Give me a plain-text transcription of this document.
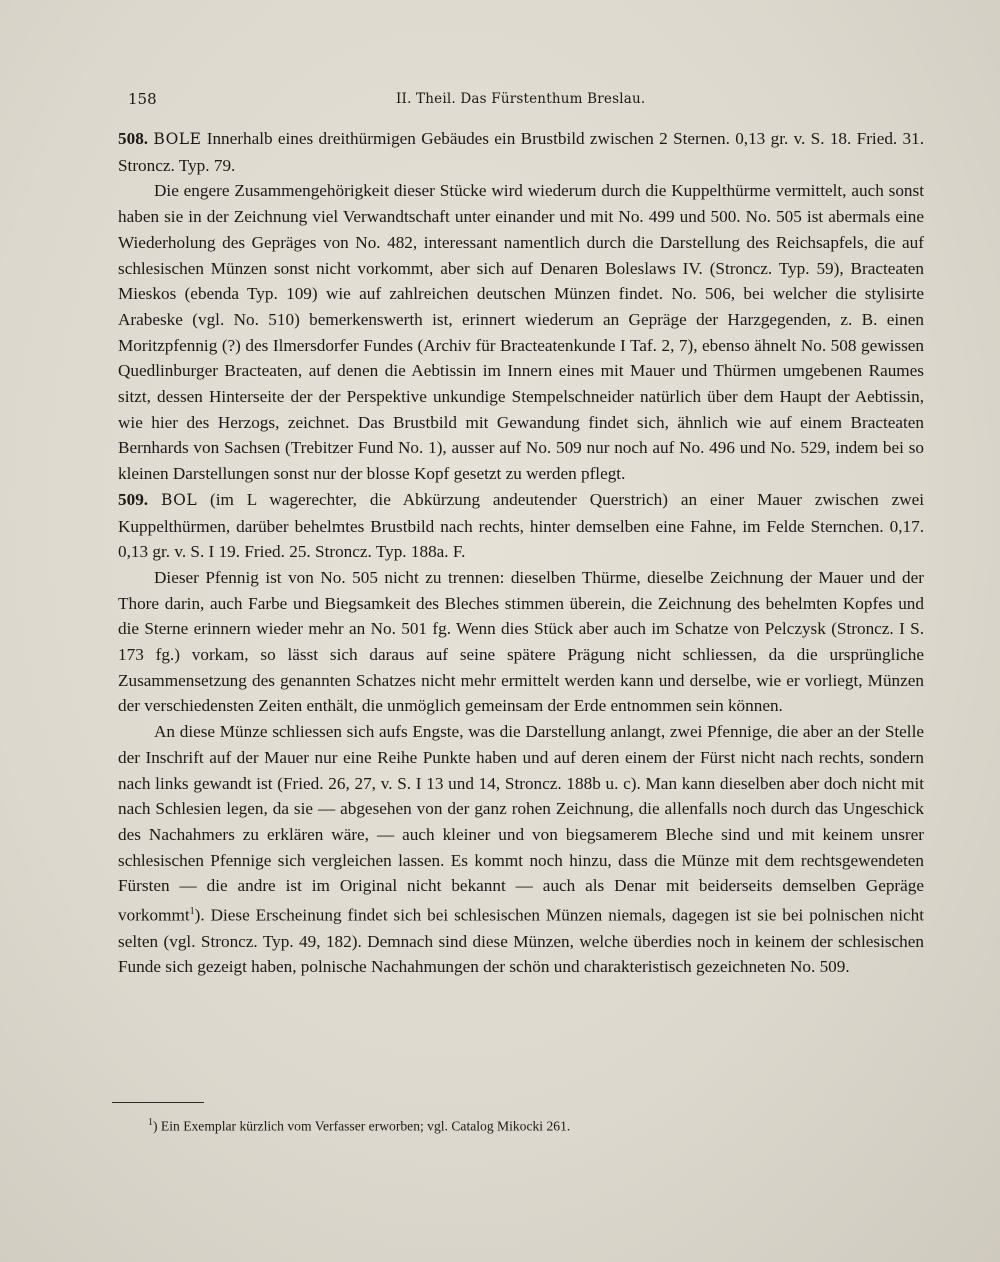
158	II. Theil. Das Fürstenthum Breslau.

508. BOLE Innerhalb eines dreithürmigen Gebäudes ein Brustbild zwischen 2 Sternen. 0,13 gr. v. S. 18. Fried. 31. Stroncz. Typ. 79.

Die engere Zusammengehörigkeit dieser Stücke wird wiederum durch die Kuppelthürme vermittelt, auch sonst haben sie in der Zeichnung viel Verwandtschaft unter einander und mit No. 499 und 500. No. 505 ist abermals eine Wiederholung des Gepräges von No. 482, interessant namentlich durch die Darstellung des Reichsapfels, die auf schlesischen Münzen sonst nicht vorkommt, aber sich auf Denaren Boleslaws IV. (Stroncz. Typ. 59), Bracteaten Mieskos (ebenda Typ. 109) wie auf zahlreichen deutschen Münzen findet. No. 506, bei welcher die stylisirte Arabeske (vgl. No. 510) bemerkenswerth ist, erinnert wiederum an Gepräge der Harzgegenden, z. B. einen Moritzpfennig (?) des Ilmersdorfer Fundes (Archiv für Bracteatenkunde I Taf. 2, 7), ebenso ähnelt No. 508 gewissen Quedlinburger Bracteaten, auf denen die Aebtissin im Innern eines mit Mauer und Thürmen umgebenen Raumes sitzt, dessen Hinterseite der der Perspektive unkundige Stempelschneider natürlich über dem Haupt der Aebtissin, wie hier des Herzogs, zeichnet. Das Brustbild mit Gewandung findet sich, ähnlich wie auf einem Bracteaten Bernhards von Sachsen (Trebitzer Fund No. 1), ausser auf No. 509 nur noch auf No. 496 und No. 529, indem bei so kleinen Darstellungen sonst nur der blosse Kopf gesetzt zu werden pflegt.

509. BOL (im L wagerechter, die Abkürzung andeutender Querstrich) an einer Mauer zwischen zwei Kuppelthürmen, darüber behelmtes Brustbild nach rechts, hinter demselben eine Fahne, im Felde Sternchen. 0,17. 0,13 gr. v. S. I 19. Fried. 25. Stroncz. Typ. 188a. F.

Dieser Pfennig ist von No. 505 nicht zu trennen: dieselben Thürme, dieselbe Zeichnung der Mauer und der Thore darin, auch Farbe und Biegsamkeit des Bleches stimmen überein, die Zeichnung des behelmten Kopfes und die Sterne erinnern wieder mehr an No. 501 fg. Wenn dies Stück aber auch im Schatze von Pelczysk (Stroncz. I S. 173 fg.) vorkam, so lässt sich daraus auf seine spätere Prägung nicht schliessen, da die ursprüngliche Zusammensetzung des genannten Schatzes nicht mehr ermittelt werden kann und derselbe, wie er vorliegt, Münzen der verschiedensten Zeiten enthält, die unmöglich gemeinsam der Erde entnommen sein können.

An diese Münze schliessen sich aufs Engste, was die Darstellung anlangt, zwei Pfennige, die aber an der Stelle der Inschrift auf der Mauer nur eine Reihe Punkte haben und auf deren einem der Fürst nicht nach rechts, sondern nach links gewandt ist (Fried. 26, 27, v. S. I 13 und 14, Stroncz. 188b u. c). Man kann dieselben aber doch nicht mit nach Schlesien legen, da sie — abgesehen von der ganz rohen Zeichnung, die allenfalls noch durch das Ungeschick des Nachahmers zu erklären wäre, — auch kleiner und von biegsamerem Bleche sind und mit keinem unsrer schlesischen Pfennige sich vergleichen lassen. Es kommt noch hinzu, dass die Münze mit dem rechtsgewendeten Fürsten — die andre ist im Original nicht bekannt — auch als Denar mit beiderseits demselben Gepräge vorkommt$^1$). Diese Erscheinung findet sich bei schlesischen Münzen niemals, dagegen ist sie bei polnischen nicht selten (vgl. Stroncz. Typ. 49, 182). Demnach sind diese Münzen, welche überdies noch in keinem der schlesischen Funde sich gezeigt haben, polnische Nachahmungen der schön und charakteristisch gezeichneten No. 509.

$^1$) Ein Exemplar kürzlich vom Verfasser erworben; vgl. Catalog Mikocki 261.
